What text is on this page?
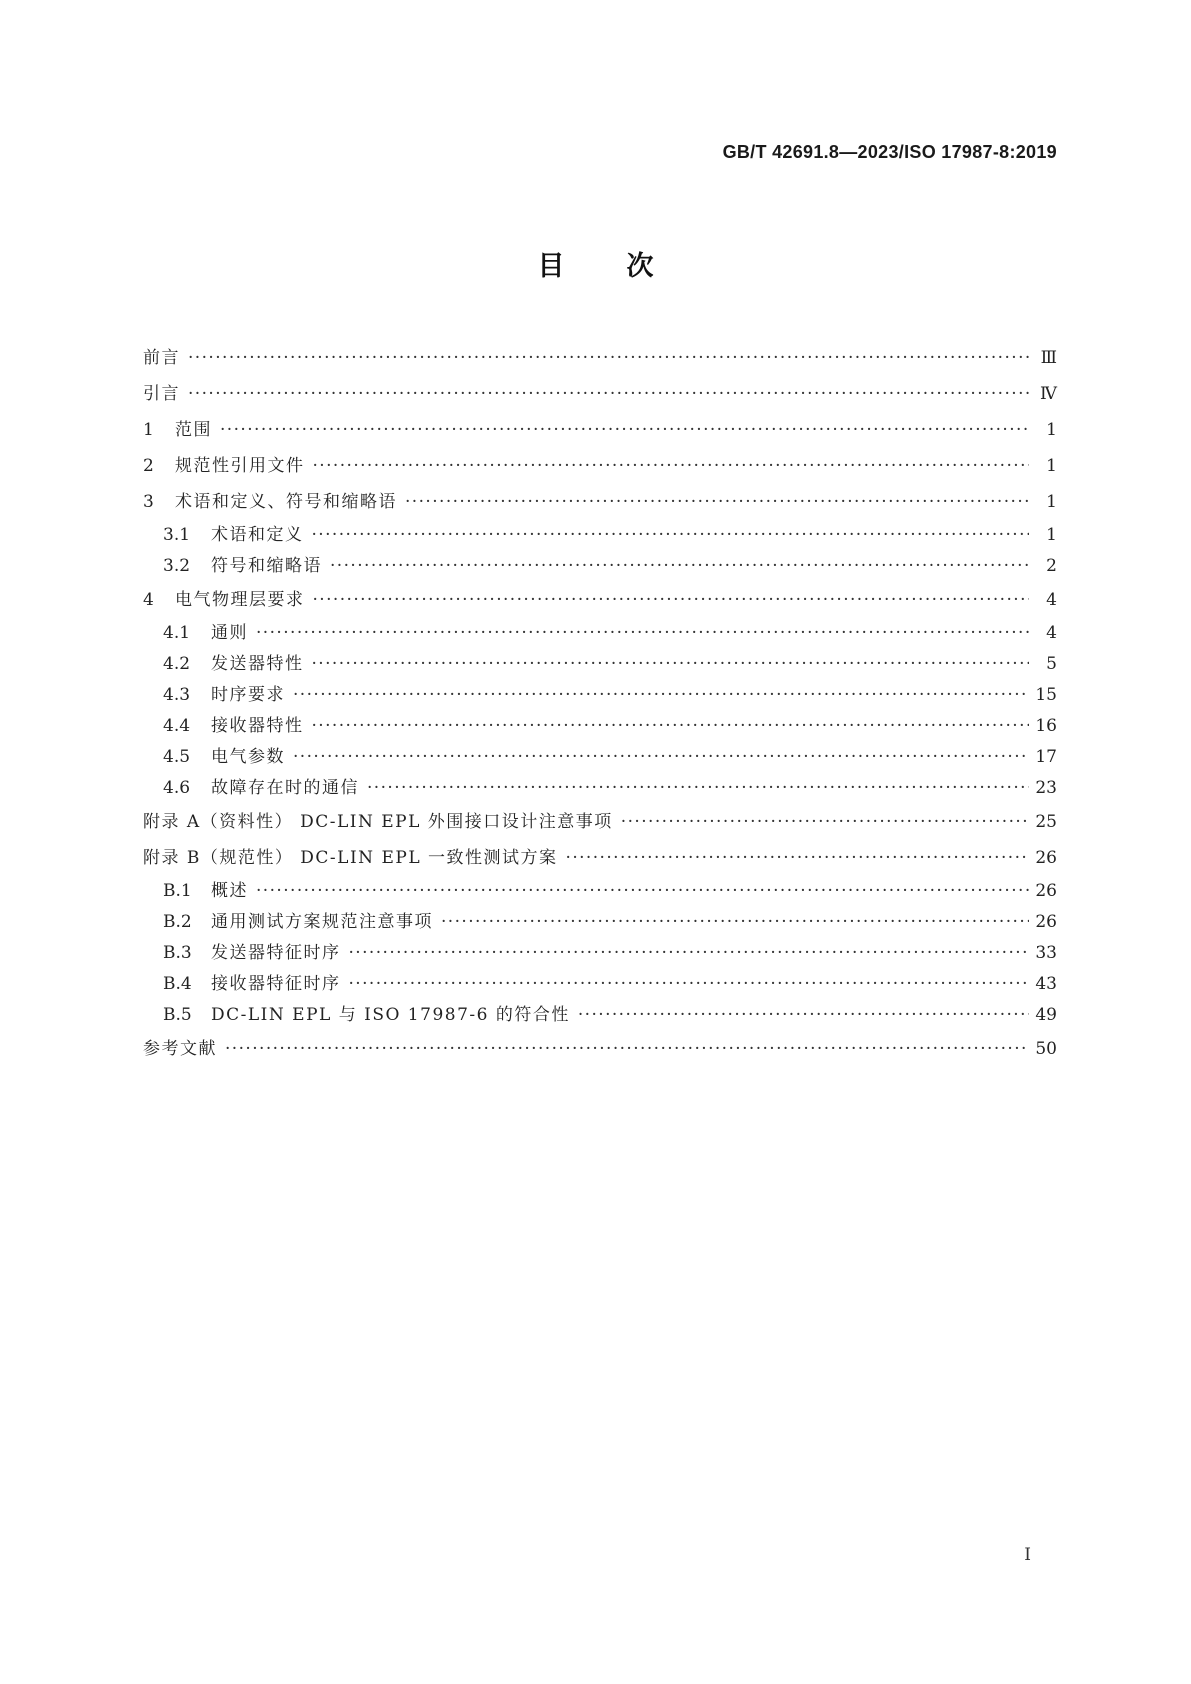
GB/T 42691.8—2023/ISO 17987-8:2019
目次
前言 ·····	Ⅲ
引言 ·····	Ⅳ
1	范围 ·····	1
2	规范性引用文件 ·····	1
3	术语和定义、符号和缩略语 ·····	1
3.1	术语和定义 ·····	1
3.2	符号和缩略语 ·····	2
4	电气物理层要求 ·····	4
4.1	通则 ·····	4
4.2	发送器特性 ·····	5
4.3	时序要求 ·····	15
4.4	接收器特性 ·····	16
4.5	电气参数 ·····	17
4.6	故障存在时的通信 ·····	23
附录 A（资料性） DC-LIN EPL 外围接口设计注意事项 ·····	25
附录 B（规范性） DC-LIN EPL 一致性测试方案 ·····	26
B.1	概述 ·····	26
B.2	通用测试方案规范注意事项 ·····	26
B.3	发送器特征时序 ·····	33
B.4	接收器特征时序 ·····	43
B.5	DC-LIN EPL 与 ISO 17987-6 的符合性 ·····	49
参考文献 ·····	50
I
